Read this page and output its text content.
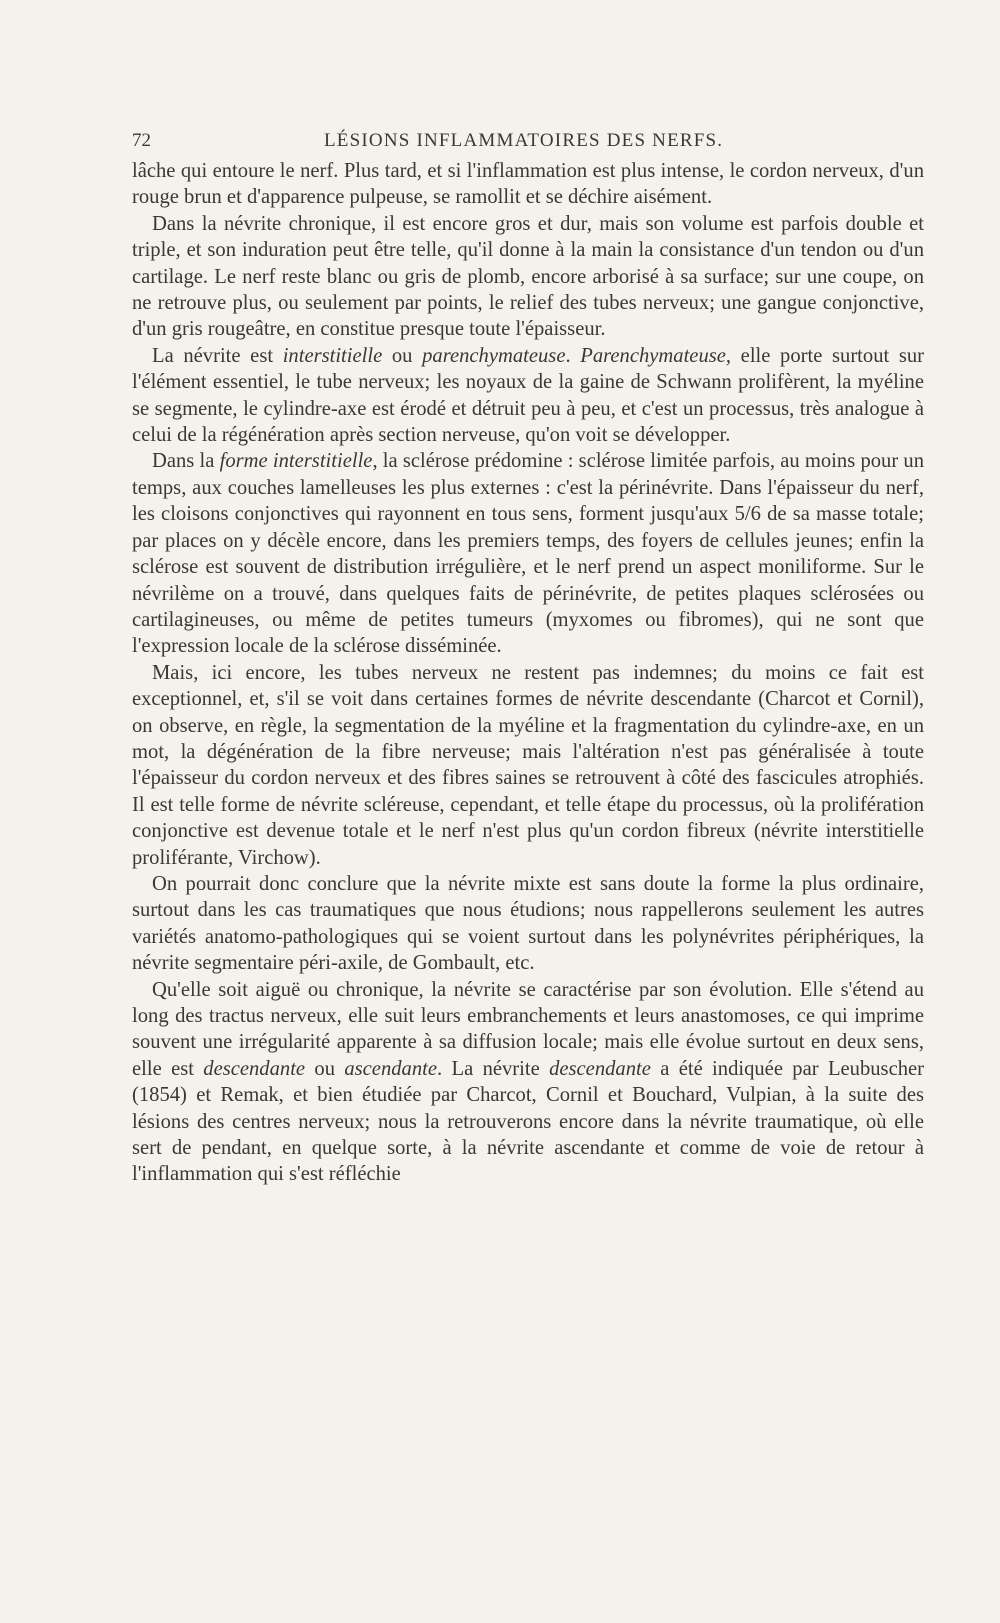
72	LÉSIONS INFLAMMATOIRES DES NERFS.

lâche qui entoure le nerf. Plus tard, et si l'inflammation est plus intense, le cordon nerveux, d'un rouge brun et d'apparence pulpeuse, se ramollit et se déchire aisément.

Dans la névrite chronique, il est encore gros et dur, mais son volume est parfois double et triple, et son induration peut être telle, qu'il donne à la main la consistance d'un tendon ou d'un cartilage. Le nerf reste blanc ou gris de plomb, encore arborisé à sa surface; sur une coupe, on ne retrouve plus, ou seulement par points, le relief des tubes nerveux; une gangue conjonctive, d'un gris rougeâtre, en constitue presque toute l'épaisseur.

La névrite est interstitielle ou parenchymateuse. Parenchymateuse, elle porte surtout sur l'élément essentiel, le tube nerveux; les noyaux de la gaine de Schwann prolifèrent, la myéline se segmente, le cylindre-axe est érodé et détruit peu à peu, et c'est un processus, très analogue à celui de la régénération après section nerveuse, qu'on voit se développer.

Dans la forme interstitielle, la sclérose prédomine : sclérose limitée parfois, au moins pour un temps, aux couches lamelleuses les plus externes : c'est la périnévrite. Dans l'épaisseur du nerf, les cloisons conjonctives qui rayonnent en tous sens, forment jusqu'aux 5/6 de sa masse totale; par places on y décèle encore, dans les premiers temps, des foyers de cellules jeunes; enfin la sclérose est souvent de distribution irrégulière, et le nerf prend un aspect moniliforme. Sur le névrilème on a trouvé, dans quelques faits de périnévrite, de petites plaques sclérosées ou cartilagineuses, ou même de petites tumeurs (myxomes ou fibromes), qui ne sont que l'expression locale de la sclérose disséminée.

Mais, ici encore, les tubes nerveux ne restent pas indemnes; du moins ce fait est exceptionnel, et, s'il se voit dans certaines formes de névrite descendante (Charcot et Cornil), on observe, en règle, la segmentation de la myéline et la fragmentation du cylindre-axe, en un mot, la dégénération de la fibre nerveuse; mais l'altération n'est pas généralisée à toute l'épaisseur du cordon nerveux et des fibres saines se retrouvent à côté des fascicules atrophiés. Il est telle forme de névrite scléreuse, cependant, et telle étape du processus, où la prolifération conjonctive est devenue totale et le nerf n'est plus qu'un cordon fibreux (névrite interstitielle proliférante, Virchow).

On pourrait donc conclure que la névrite mixte est sans doute la forme la plus ordinaire, surtout dans les cas traumatiques que nous étudions; nous rappellerons seulement les autres variétés anatomo-pathologiques qui se voient surtout dans les polynévrites périphériques, la névrite segmentaire péri-axile, de Gombault, etc.

Qu'elle soit aiguë ou chronique, la névrite se caractérise par son évolution. Elle s'étend au long des tractus nerveux, elle suit leurs embranchements et leurs anastomoses, ce qui imprime souvent une irrégularité apparente à sa diffusion locale; mais elle évolue surtout en deux sens, elle est descendante ou ascendante. La névrite descendante a été indiquée par Leubuscher (1854) et Remak, et bien étudiée par Charcot, Cornil et Bouchard, Vulpian, à la suite des lésions des centres nerveux; nous la retrouverons encore dans la névrite traumatique, où elle sert de pendant, en quelque sorte, à la névrite ascendante et comme de voie de retour à l'inflammation qui s'est réfléchie
